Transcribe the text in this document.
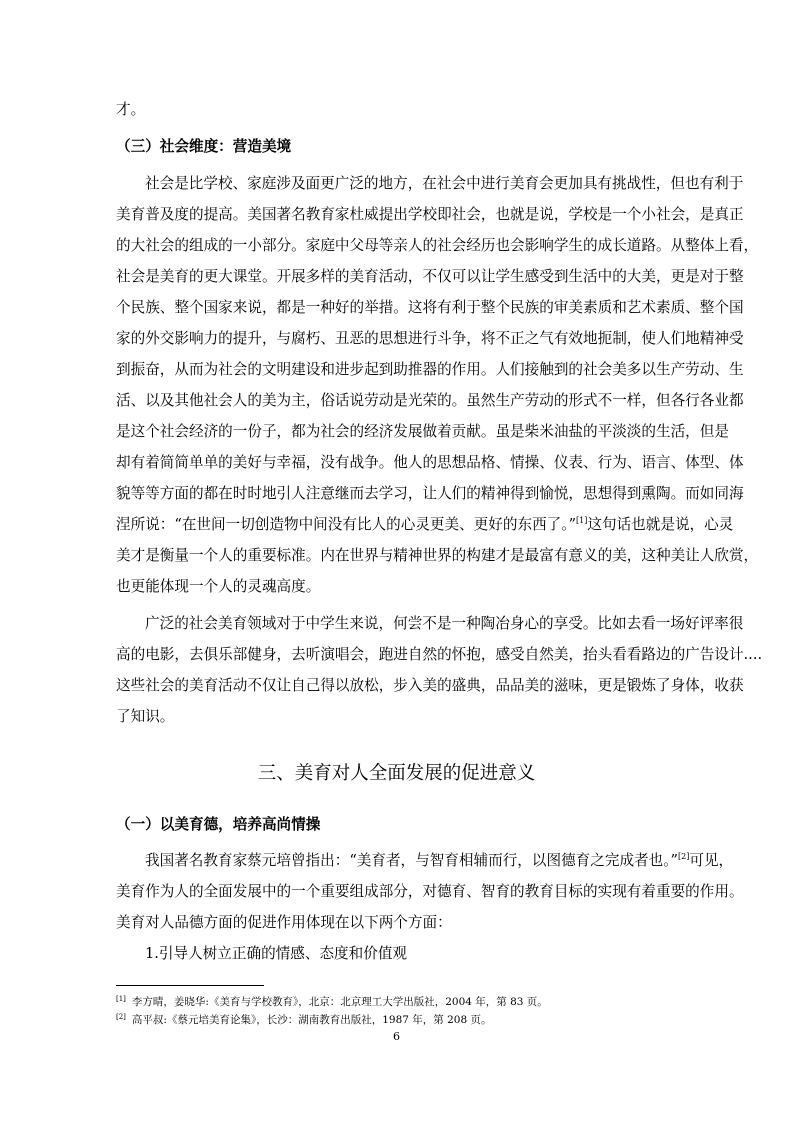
才。
（三）社会维度：营造美境
社会是比学校、家庭涉及面更广泛的地方，在社会中进行美育会更加具有挑战性，但也有利于
美育普及度的提高。美国著名教育家杜威提出学校即社会，也就是说，学校是一个小社会，是真正
的大社会的组成的一小部分。家庭中父母等亲人的社会经历也会影响学生的成长道路。从整体上看，
社会是美育的更大课堂。开展多样的美育活动，不仅可以让学生感受到生活中的大美，更是对于整
个民族、整个国家来说，都是一种好的举措。这将有利于整个民族的审美素质和艺术素质、整个国
家的外交影响力的提升，与腐朽、丑恶的思想进行斗争，将不正之气有效地扼制，使人们地精神受
到振奋，从而为社会的文明建设和进步起到助推器的作用。人们接触到的社会美多以生产劳动、生
活、以及其他社会人的美为主，俗话说劳动是光荣的。虽然生产劳动的形式不一样，但各行各业都
是这个社会经济的一份子，都为社会的经济发展做着贡献。虽是柴米油盐的平淡淡的生活，但是
却有着简简单单的美好与幸福，没有战争。他人的思想品格、情操、仪表、行为、语言、体型、体
貌等等方面的都在时时地引人注意继而去学习，让人们的精神得到愉悦，思想得到熏陶。而如同海
涅所说：“在世间一切创造物中间没有比人的心灵更美、更好的东西了。”[1]这句话也就是说，心灵
美才是衡量一个人的重要标准。内在世界与精神世界的构建才是最富有意义的美，这种美让人欣赏，
也更能体现一个人的灵魂高度。
广泛的社会美育领域对于中学生来说，何尝不是一种陶冶身心的享受。比如去看一场好评率很
高的电影，去俱乐部健身，去听演唱会，跑进自然的怀抱，感受自然美，抬头看看路边的广告设计....
这些社会的美育活动不仅让自己得以放松，步入美的盛典，品品美的滋味，更是锻炼了身体，收获
了知识。
三、美育对人全面发展的促进意义
（一）以美育德，培养高尚情操
我国著名教育家蔡元培曾指出：“美育者，与智育相辅而行，以图德育之完成者也。”[2]可见，
美育作为人的全面发展中的一个重要组成部分，对德育、智育的教育目标的实现有着重要的作用。
美育对人品德方面的促进作用体现在以下两个方面：
1.引导人树立正确的情感、态度和价值观
[1] 李方晴，姜晓华:《美育与学校教育》，北京：北京理工大学出版社，2004 年，第 83 页。
[2] 高平叔:《蔡元培美育论集》，长沙：湖南教育出版社，1987 年，第 208 页。
6
